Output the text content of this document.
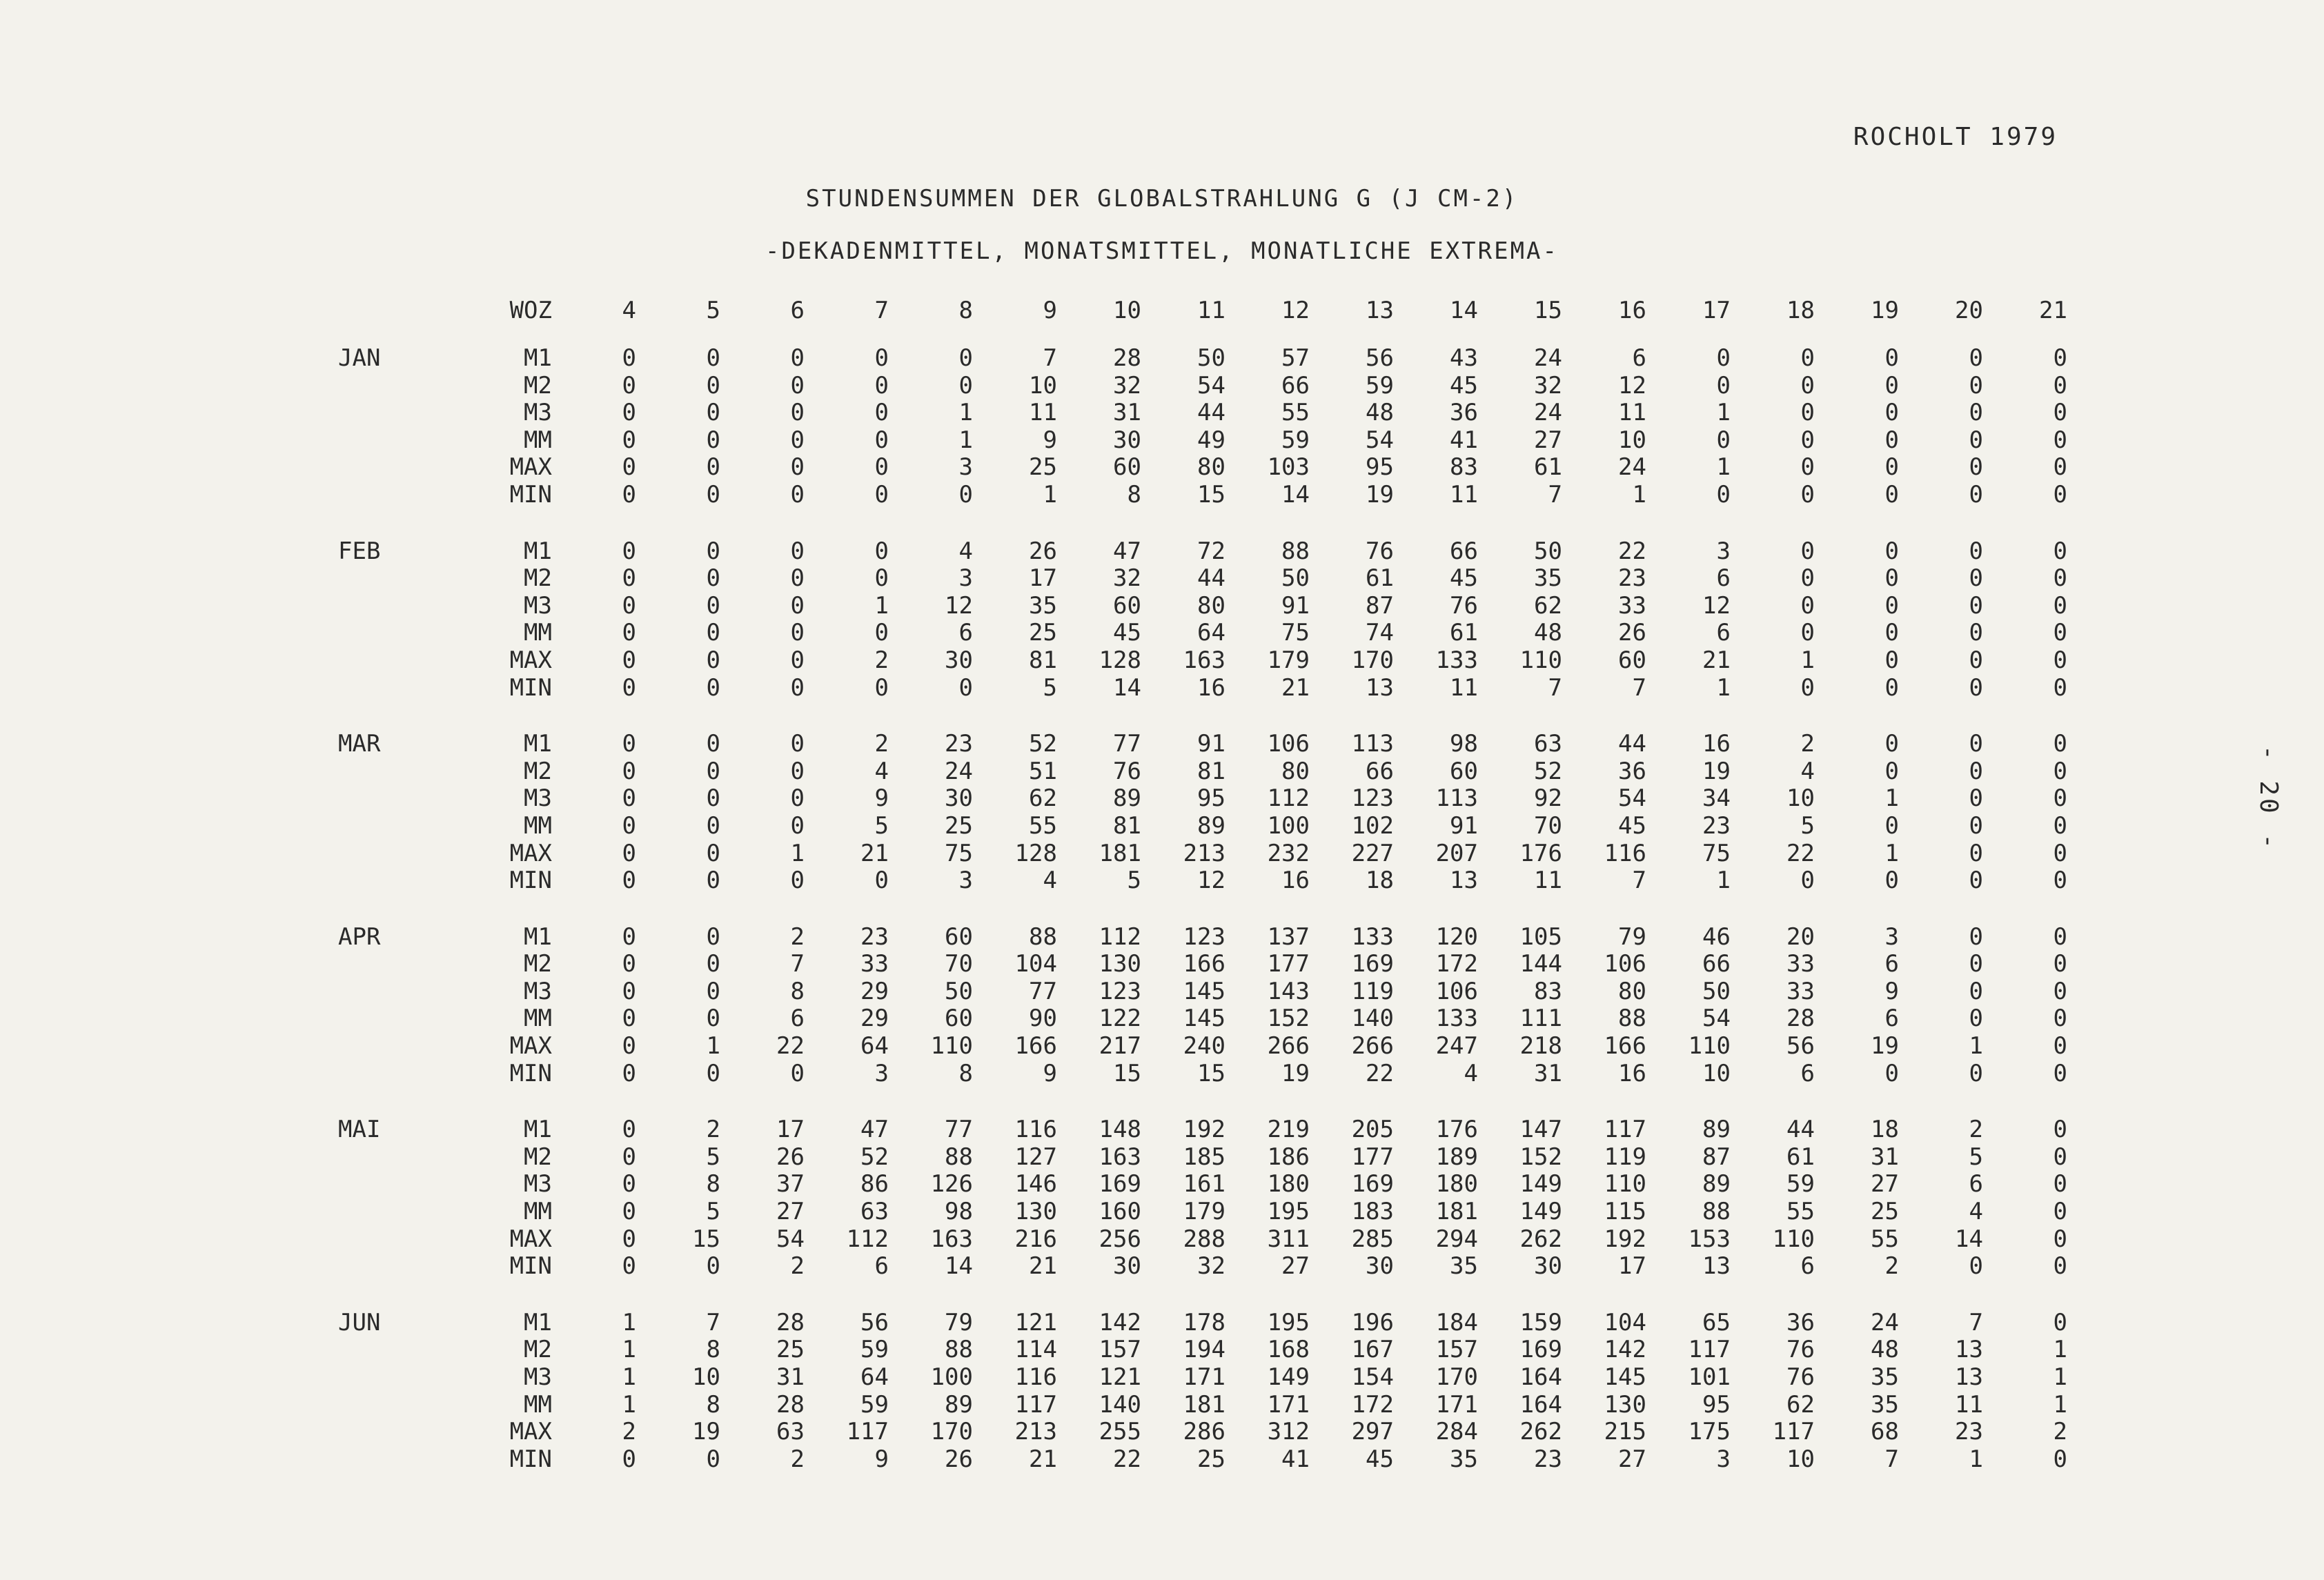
ROCHOLT 1979
STUNDENSUMMEN DER GLOBALSTRAHLUNG G (J CM-2)
-DEKADENMITTEL, MONATSMITTEL, MONATLICHE EXTREMA-
- 20 -
	WOZ	4	5	6	7	8	9	10	11	12	13	14	15	16	17	18	19	20	21

JAN	M1	0	0	0	0	0	7	28	50	57	56	43	24	6	0	0	0	0	0
	M2	0	0	0	0	0	10	32	54	66	59	45	32	12	0	0	0	0	0
	M3	0	0	0	0	1	11	31	44	55	48	36	24	11	1	0	0	0	0
	MM	0	0	0	0	1	9	30	49	59	54	41	27	10	0	0	0	0	0
	MAX	0	0	0	0	3	25	60	80	103	95	83	61	24	1	0	0	0	0
	MIN	0	0	0	0	0	1	8	15	14	19	11	7	1	0	0	0	0	0

FEB	M1	0	0	0	0	4	26	47	72	88	76	66	50	22	3	0	0	0	0
	M2	0	0	0	0	3	17	32	44	50	61	45	35	23	6	0	0	0	0
	M3	0	0	0	1	12	35	60	80	91	87	76	62	33	12	0	0	0	0
	MM	0	0	0	0	6	25	45	64	75	74	61	48	26	6	0	0	0	0
	MAX	0	0	0	2	30	81	128	163	179	170	133	110	60	21	1	0	0	0
	MIN	0	0	0	0	0	5	14	16	21	13	11	7	7	1	0	0	0	0

MAR	M1	0	0	0	2	23	52	77	91	106	113	98	63	44	16	2	0	0	0
	M2	0	0	0	4	24	51	76	81	80	66	60	52	36	19	4	0	0	0
	M3	0	0	0	9	30	62	89	95	112	123	113	92	54	34	10	1	0	0
	MM	0	0	0	5	25	55	81	89	100	102	91	70	45	23	5	0	0	0
	MAX	0	0	1	21	75	128	181	213	232	227	207	176	116	75	22	1	0	0
	MIN	0	0	0	0	3	4	5	12	16	18	13	11	7	1	0	0	0	0

APR	M1	0	0	2	23	60	88	112	123	137	133	120	105	79	46	20	3	0	0
	M2	0	0	7	33	70	104	130	166	177	169	172	144	106	66	33	6	0	0
	M3	0	0	8	29	50	77	123	145	143	119	106	83	80	50	33	9	0	0
	MM	0	0	6	29	60	90	122	145	152	140	133	111	88	54	28	6	0	0
	MAX	0	1	22	64	110	166	217	240	266	266	247	218	166	110	56	19	1	0
	MIN	0	0	0	3	8	9	15	15	19	22	4	31	16	10	6	0	0	0

MAI	M1	0	2	17	47	77	116	148	192	219	205	176	147	117	89	44	18	2	0
	M2	0	5	26	52	88	127	163	185	186	177	189	152	119	87	61	31	5	0
	M3	0	8	37	86	126	146	169	161	180	169	180	149	110	89	59	27	6	0
	MM	0	5	27	63	98	130	160	179	195	183	181	149	115	88	55	25	4	0
	MAX	0	15	54	112	163	216	256	288	311	285	294	262	192	153	110	55	14	0
	MIN	0	0	2	6	14	21	30	32	27	30	35	30	17	13	6	2	0	0

JUN	M1	1	7	28	56	79	121	142	178	195	196	184	159	104	65	36	24	7	0
	M2	1	8	25	59	88	114	157	194	168	167	157	169	142	117	76	48	13	1
	M3	1	10	31	64	100	116	121	171	149	154	170	164	145	101	76	35	13	1
	MM	1	8	28	59	89	117	140	181	171	172	171	164	130	95	62	35	11	1
	MAX	2	19	63	117	170	213	255	286	312	297	284	262	215	175	117	68	23	2
	MIN	0	0	2	9	26	21	22	25	41	45	35	23	27	3	10	7	1	0
